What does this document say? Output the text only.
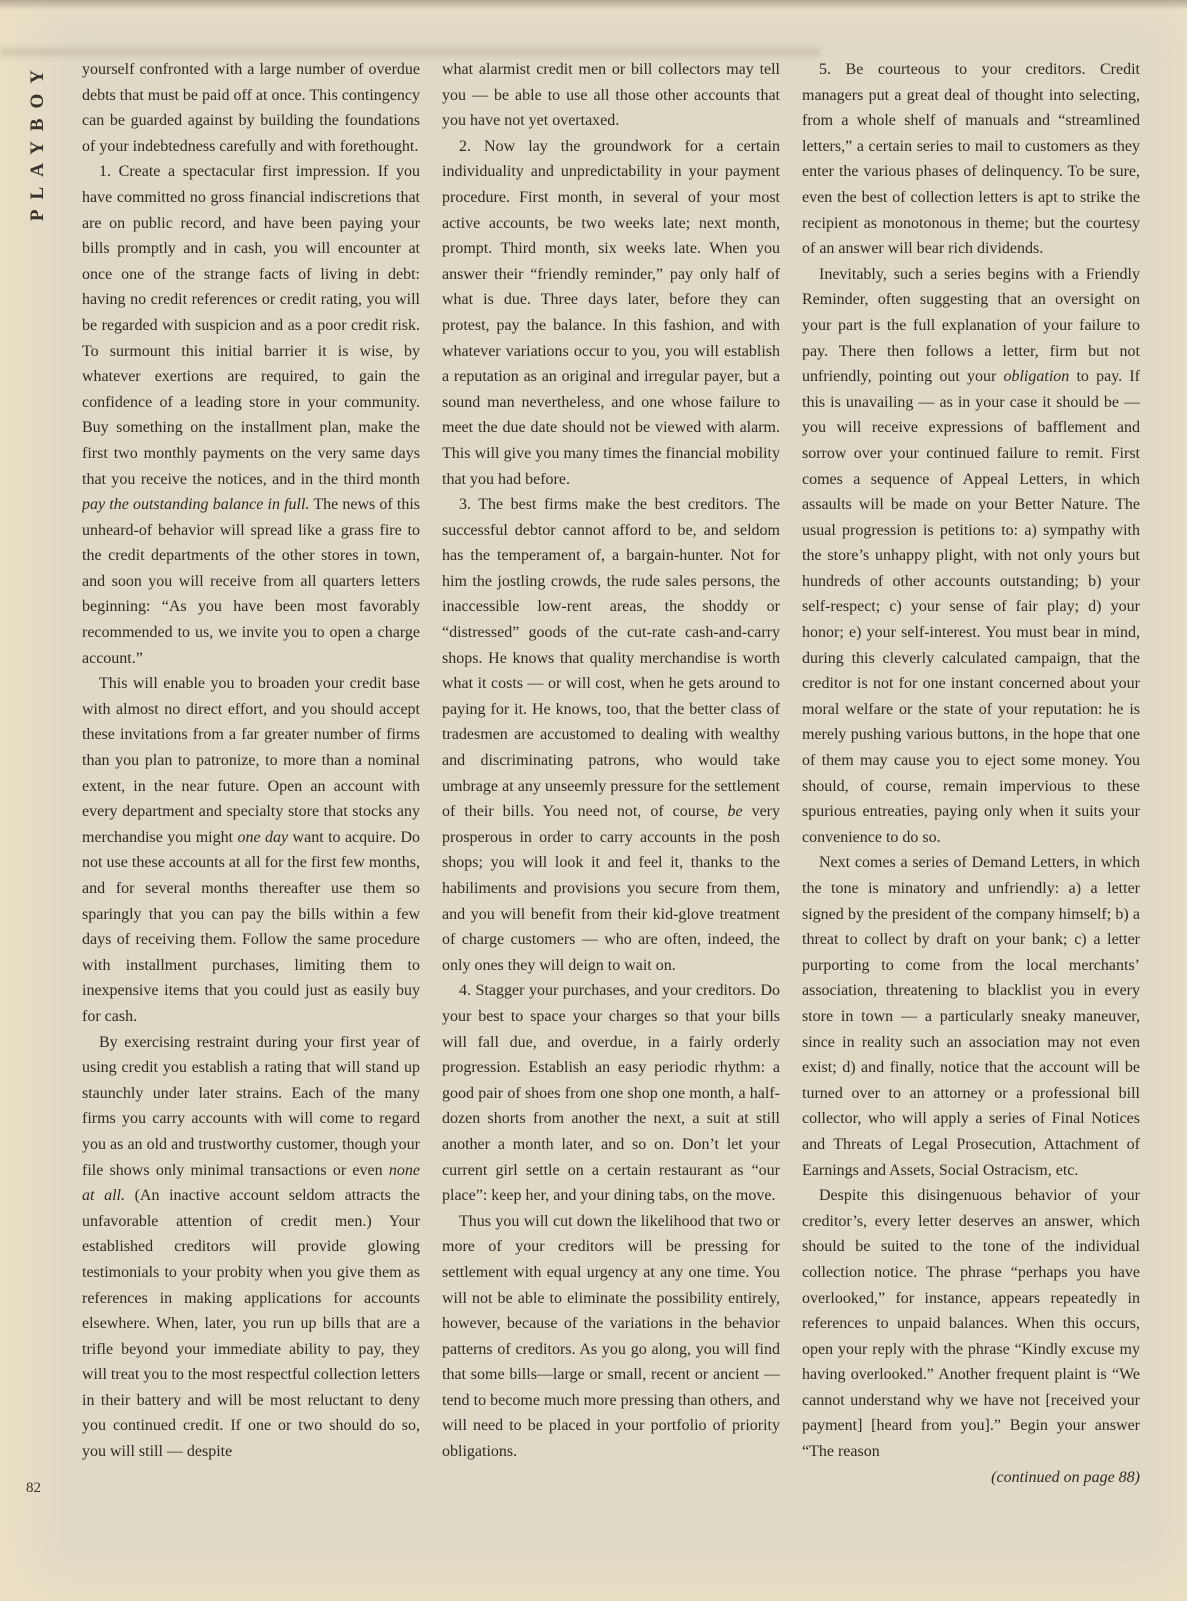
PLAYBOY
82

yourself confronted with a large number of overdue debts that must be paid off at once. This contingency can be guarded against by building the foundations of your indebtedness carefully and with forethought.

1. Create a spectacular first impression. If you have committed no gross financial indiscretions that are on public record, and have been paying your bills promptly and in cash, you will encounter at once one of the strange facts of living in debt: having no credit references or credit rating, you will be regarded with suspicion and as a poor credit risk. To surmount this initial barrier it is wise, by whatever exertions are required, to gain the confidence of a leading store in your community. Buy something on the installment plan, make the first two monthly payments on the very same days that you receive the notices, and in the third month pay the outstanding balance in full. The news of this unheard-of behavior will spread like a grass fire to the credit departments of the other stores in town, and soon you will receive from all quarters letters beginning: “As you have been most favorably recommended to us, we invite you to open a charge account.”

This will enable you to broaden your credit base with almost no direct effort, and you should accept these invitations from a far greater number of firms than you plan to patronize, to more than a nominal extent, in the near future. Open an account with every department and specialty store that stocks any merchandise you might one day want to acquire. Do not use these accounts at all for the first few months, and for several months thereafter use them so sparingly that you can pay the bills within a few days of receiving them. Follow the same procedure with installment purchases, limiting them to inexpensive items that you could just as easily buy for cash.

By exercising restraint during your first year of using credit you establish a rating that will stand up staunchly under later strains. Each of the many firms you carry accounts with will come to regard you as an old and trustworthy customer, though your file shows only minimal transactions or even none at all. (An inactive account seldom attracts the unfavorable attention of credit men.) Your established creditors will provide glowing testimonials to your probity when you give them as references in making applications for accounts elsewhere. When, later, you run up bills that are a trifle beyond your immediate ability to pay, they will treat you to the most respectful collection letters in their battery and will be most reluctant to deny you continued credit. If one or two should do so, you will still — despite

what alarmist credit men or bill collectors may tell you — be able to use all those other accounts that you have not yet overtaxed.

2. Now lay the groundwork for a certain individuality and unpredictability in your payment procedure. First month, in several of your most active accounts, be two weeks late; next month, prompt. Third month, six weeks late. When you answer their “friendly reminder,” pay only half of what is due. Three days later, before they can protest, pay the balance. In this fashion, and with whatever variations occur to you, you will establish a reputation as an original and irregular payer, but a sound man nevertheless, and one whose failure to meet the due date should not be viewed with alarm. This will give you many times the financial mobility that you had before.

3. The best firms make the best creditors. The successful debtor cannot afford to be, and seldom has the temperament of, a bargain-hunter. Not for him the jostling crowds, the rude sales persons, the inaccessible low-rent areas, the shoddy or “distressed” goods of the cut-rate cash-and-carry shops. He knows that quality merchandise is worth what it costs — or will cost, when he gets around to paying for it. He knows, too, that the better class of tradesmen are accustomed to dealing with wealthy and discriminating patrons, who would take umbrage at any unseemly pressure for the settlement of their bills. You need not, of course, be very prosperous in order to carry accounts in the posh shops; you will look it and feel it, thanks to the habiliments and provisions you secure from them, and you will benefit from their kid-glove treatment of charge customers — who are often, indeed, the only ones they will deign to wait on.

4. Stagger your purchases, and your creditors. Do your best to space your charges so that your bills will fall due, and overdue, in a fairly orderly progression. Establish an easy periodic rhythm: a good pair of shoes from one shop one month, a half-dozen shorts from another the next, a suit at still another a month later, and so on. Don’t let your current girl settle on a certain restaurant as “our place”: keep her, and your dining tabs, on the move.

Thus you will cut down the likelihood that two or more of your creditors will be pressing for settlement with equal urgency at any one time. You will not be able to eliminate the possibility entirely, however, because of the variations in the behavior patterns of creditors. As you go along, you will find that some bills—large or small, recent or ancient — tend to become much more pressing than others, and will need to be placed in your portfolio of priority obligations.

5. Be courteous to your creditors. Credit managers put a great deal of thought into selecting, from a whole shelf of manuals and “streamlined letters,” a certain series to mail to customers as they enter the various phases of delinquency. To be sure, even the best of collection letters is apt to strike the recipient as monotonous in theme; but the courtesy of an answer will bear rich dividends.

Inevitably, such a series begins with a Friendly Reminder, often suggesting that an oversight on your part is the full explanation of your failure to pay. There then follows a letter, firm but not unfriendly, pointing out your obligation to pay. If this is unavailing — as in your case it should be — you will receive expressions of bafflement and sorrow over your continued failure to remit. First comes a sequence of Appeal Letters, in which assaults will be made on your Better Nature. The usual progression is petitions to: a) sympathy with the store’s unhappy plight, with not only yours but hundreds of other accounts outstanding; b) your self-respect; c) your sense of fair play; d) your honor; e) your self-interest. You must bear in mind, during this cleverly calculated campaign, that the creditor is not for one instant concerned about your moral welfare or the state of your reputation: he is merely pushing various buttons, in the hope that one of them may cause you to eject some money. You should, of course, remain impervious to these spurious entreaties, paying only when it suits your convenience to do so.

Next comes a series of Demand Letters, in which the tone is minatory and unfriendly: a) a letter signed by the president of the company himself; b) a threat to collect by draft on your bank; c) a letter purporting to come from the local merchants’ association, threatening to blacklist you in every store in town — a particularly sneaky maneuver, since in reality such an association may not even exist; d) and finally, notice that the account will be turned over to an attorney or a professional bill collector, who will apply a series of Final Notices and Threats of Legal Prosecution, Attachment of Earnings and Assets, Social Ostracism, etc.

Despite this disingenuous behavior of your creditor’s, every letter deserves an answer, which should be suited to the tone of the individual collection notice. The phrase “perhaps you have overlooked,” for instance, appears repeatedly in references to unpaid balances. When this occurs, open your reply with the phrase “Kindly excuse my having overlooked.” Another frequent plaint is “We cannot understand why we have not [received your payment] [heard from you].” Begin your answer “The reason

(continued on page 88)
